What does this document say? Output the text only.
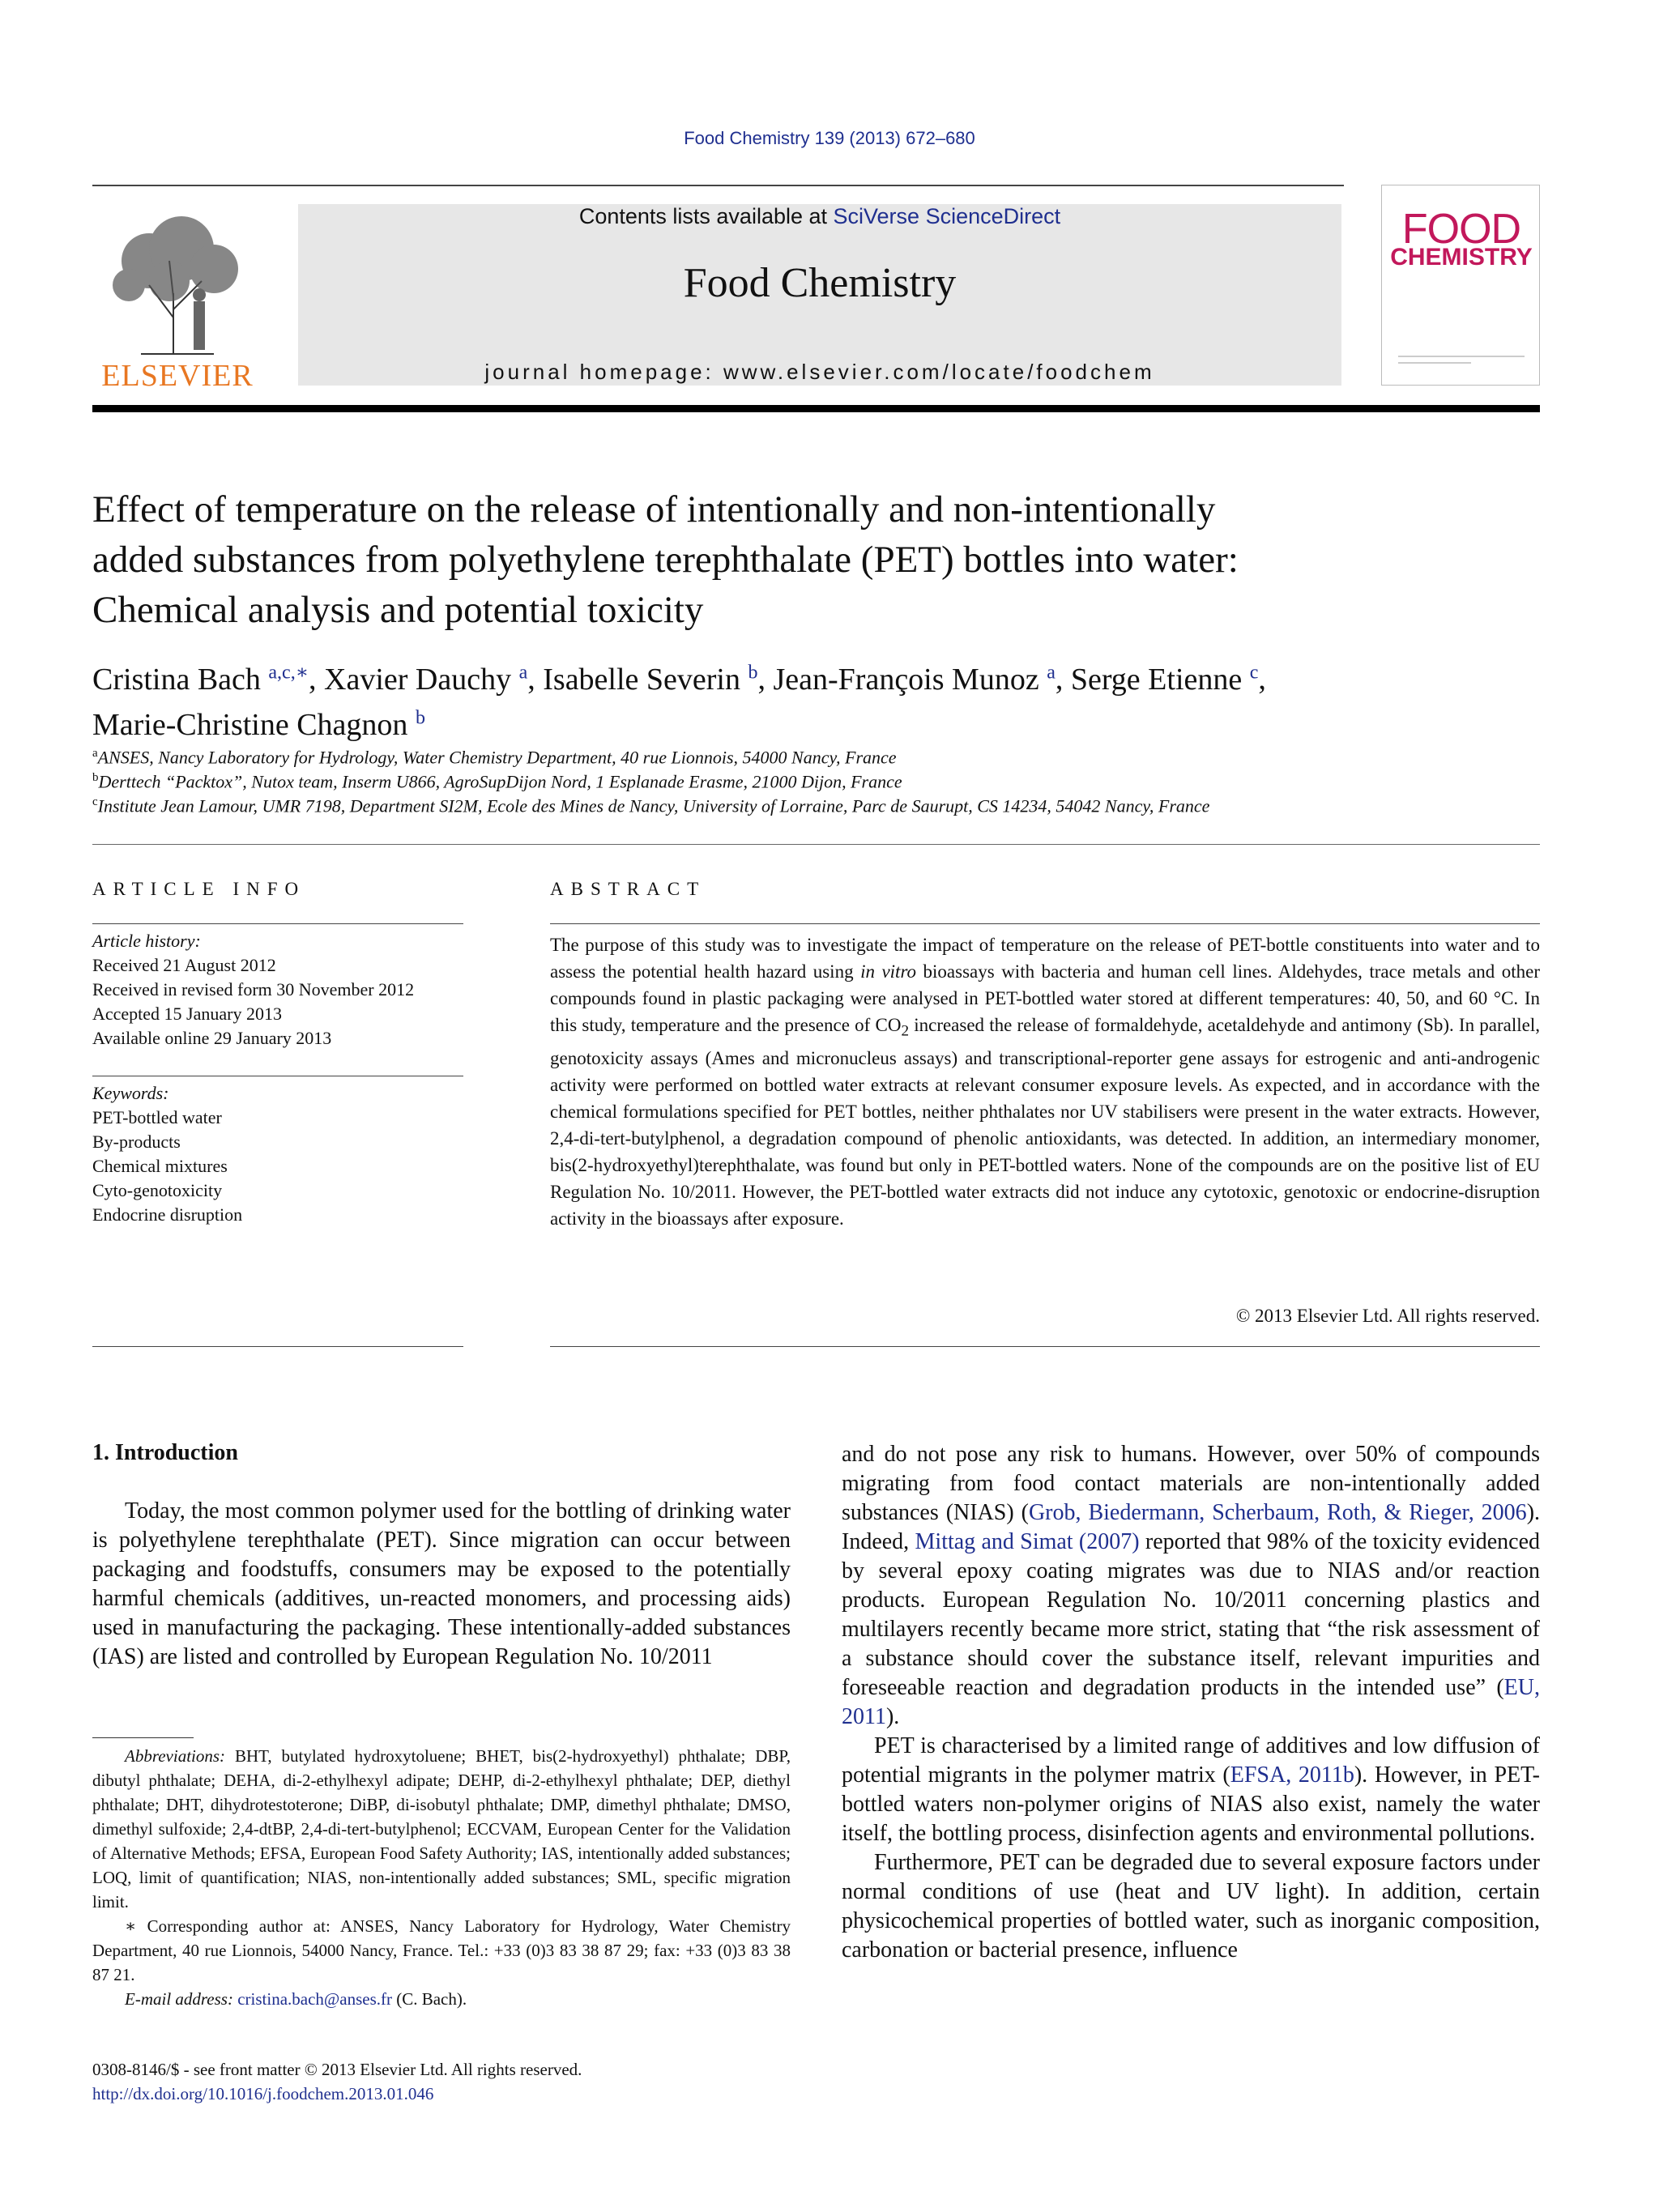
Food Chemistry 139 (2013) 672–680
ELSEVIER
Contents lists available at SciVerse ScienceDirect
Food Chemistry
journal homepage: www.elsevier.com/locate/foodchem
FOOD
CHEMISTRY
Effect of temperature on the release of intentionally and non-intentionally
added substances from polyethylene terephthalate (PET) bottles into water:
Chemical analysis and potential toxicity
Cristina Bach $^{a,c,∗}$, Xavier Dauchy $^a$, Isabelle Severin $^b$, Jean-François Munoz $^a$, Serge Etienne $^c$,
Marie-Christine Chagnon $^b$
$^a$ANSES, Nancy Laboratory for Hydrology, Water Chemistry Department, 40 rue Lionnois, 54000 Nancy, France
$^b$Derttech “Packtox”, Nutox team, Inserm U866, AgroSupDijon Nord, 1 Esplanade Erasme, 21000 Dijon, France
$^c$Institute Jean Lamour, UMR 7198, Department SI2M, Ecole des Mines de Nancy, University of Lorraine, Parc de Saurupt, CS 14234, 54042 Nancy, France
ARTICLE INFO
Article history:
Received 21 August 2012
Received in revised form 30 November 2012
Accepted 15 January 2013
Available online 29 January 2013
Keywords:
PET-bottled water
By-products
Chemical mixtures
Cyto-genotoxicity
Endocrine disruption
ABSTRACT
The purpose of this study was to investigate the impact of temperature on the release of PET-bottle constituents into water and to assess the potential health hazard using in vitro bioassays with bacteria and human cell lines. Aldehydes, trace metals and other compounds found in plastic packaging were analysed in PET-bottled water stored at different temperatures: 40, 50, and 60 °C. In this study, temperature and the presence of $CO_2$ increased the release of formaldehyde, acetaldehyde and antimony (Sb). In parallel, genotoxicity assays (Ames and micronucleus assays) and transcriptional-reporter gene assays for estrogenic and anti-androgenic activity were performed on bottled water extracts at relevant consumer exposure levels. As expected, and in accordance with the chemical formulations specified for PET bottles, neither phthalates nor UV stabilisers were present in the water extracts. However, 2,4-di-tert-butylphenol, a degradation compound of phenolic antioxidants, was detected. In addition, an intermediary monomer, bis(2-hydroxyethyl)terephthalate, was found but only in PET-bottled waters. None of the compounds are on the positive list of EU Regulation No. 10/2011. However, the PET-bottled water extracts did not induce any cytotoxic, genotoxic or endocrine-disruption activity in the bioassays after exposure.
© 2013 Elsevier Ltd. All rights reserved.
1. Introduction

Today, the most common polymer used for the bottling of drinking water is polyethylene terephthalate (PET). Since migration can occur between packaging and foodstuffs, consumers may be exposed to the potentially harmful chemicals (additives, un-reacted monomers, and processing aids) used in manufacturing the packaging. These intentionally-added substances (IAS) are listed and controlled by European Regulation No. 10/2011

and do not pose any risk to humans. However, over 50% of compounds migrating from food contact materials are non-intentionally added substances (NIAS) (Grob, Biedermann, Scherbaum, Roth, & Rieger, 2006). Indeed, Mittag and Simat (2007) reported that 98% of the toxicity evidenced by several epoxy coating migrates was due to NIAS and/or reaction products. European Regulation No. 10/2011 concerning plastics and multilayers recently became more strict, stating that “the risk assessment of a substance should cover the substance itself, relevant impurities and foreseeable reaction and degradation products in the intended use” (EU, 2011).

PET is characterised by a limited range of additives and low diffusion of potential migrants in the polymer matrix (EFSA, 2011b). However, in PET-bottled waters non-polymer origins of NIAS also exist, namely the water itself, the bottling process, disinfection agents and environmental pollutions.

Furthermore, PET can be degraded due to several exposure factors under normal conditions of use (heat and UV light). In addition, certain physicochemical properties of bottled water, such as inorganic composition, carbonation or bacterial presence, influence

Abbreviations: BHT, butylated hydroxytoluene; BHET, bis(2-hydroxyethyl) phthalate; DBP, dibutyl phthalate; DEHA, di-2-ethylhexyl adipate; DEHP, di-2-ethylhexyl phthalate; DEP, diethyl phthalate; DHT, dihydrotestoterone; DiBP, di-isobutyl phthalate; DMP, dimethyl phthalate; DMSO, dimethyl sulfoxide; 2,4-dtBP, 2,4-di-tert-butylphenol; ECCVAM, European Center for the Validation of Alternative Methods; EFSA, European Food Safety Authority; IAS, intentionally added substances; LOQ, limit of quantification; NIAS, non-intentionally added substances; SML, specific migration limit.

∗ Corresponding author at: ANSES, Nancy Laboratory for Hydrology, Water Chemistry Department, 40 rue Lionnois, 54000 Nancy, France. Tel.: +33 (0)3 83 38 87 29; fax: +33 (0)3 83 38 87 21.

E-mail address: cristina.bach@anses.fr (C. Bach).

0308-8146/$ - see front matter © 2013 Elsevier Ltd. All rights reserved.
http://dx.doi.org/10.1016/j.foodchem.2013.01.046
